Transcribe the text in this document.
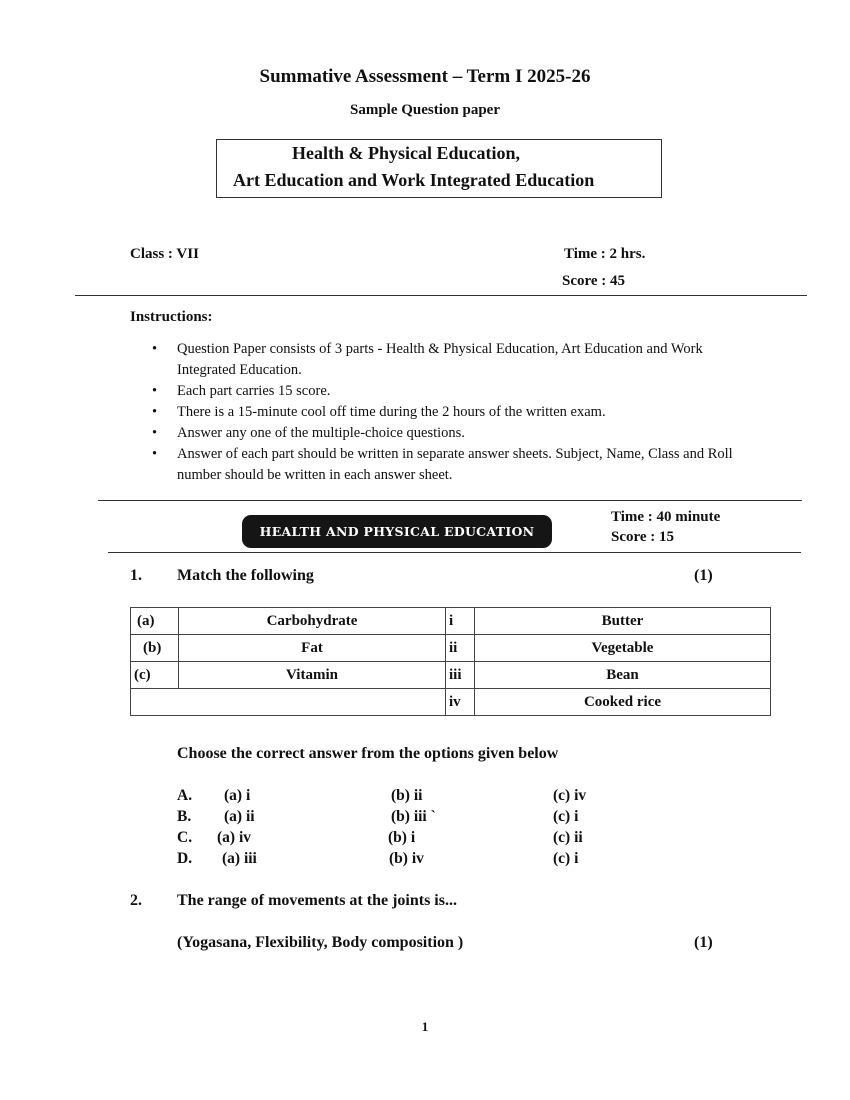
Summative Assessment – Term I 2025-26
Sample Question paper
Health & Physical Education,
Art Education and Work Integrated Education
Class : VII	Time : 2 hrs.
Score : 45
Instructions:
• Question Paper consists of 3 parts - Health & Physical Education, Art Education and Work Integrated Education.
• Each part carries 15 score.
• There is a 15-minute cool off time during the 2 hours of the written exam.
• Answer any one of the multiple-choice questions.
• Answer of each part should be written in separate answer sheets. Subject, Name, Class and Roll number should be written in each answer sheet.
HEALTH AND PHYSICAL EDUCATION
Time : 40 minute
Score : 15
1. Match the following	(1)
(a)	Carbohydrate	i	Butter
(b)	Fat	ii	Vegetable
(c)	Vitamin	iii	Bean
		iv	Cooked rice
Choose the correct answer from the options given below
A. (a) i	(b) ii	(c) iv
B. (a) ii	(b) iii `	(c) i
C. (a) iv	(b) i	(c) ii
D. (a) iii	(b) iv	(c) i
2. The range of movements at the joints is...
(Yogasana, Flexibility, Body composition )	(1)
1
